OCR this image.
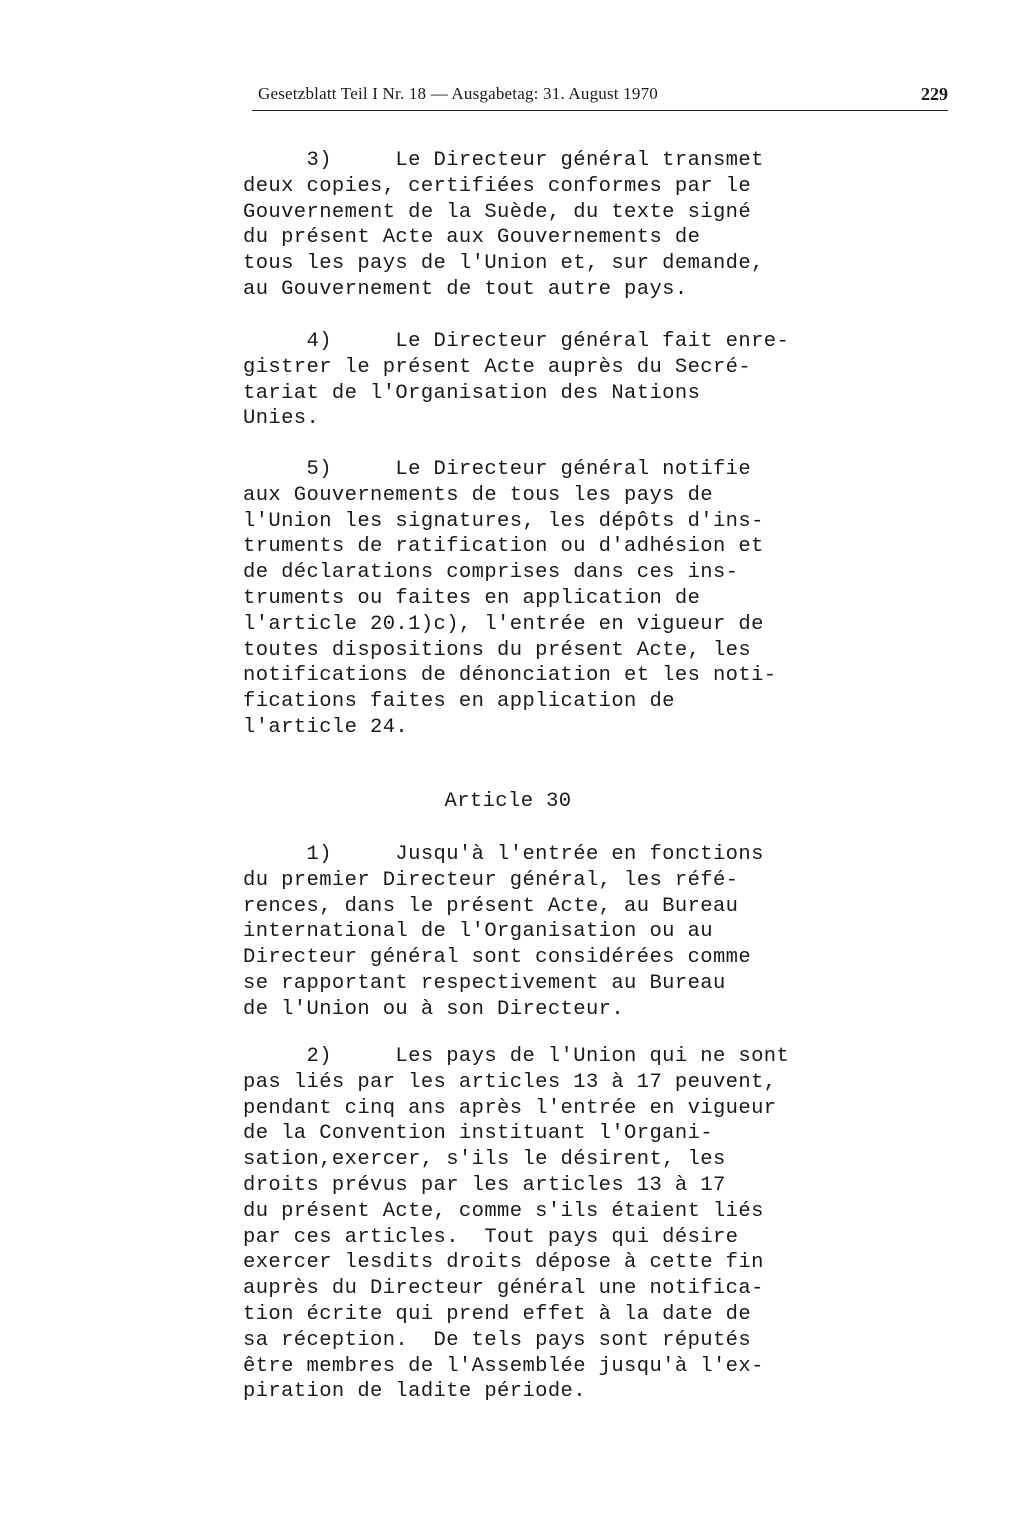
Gesetzblatt Teil I Nr. 18 — Ausgabetag: 31. August 1970	229
3)     Le Directeur général transmet
deux copies, certifiées conformes par le
Gouvernement de la Suède, du texte signé
du présent Acte aux Gouvernements de
tous les pays de l'Union et, sur demande,
au Gouvernement de tout autre pays.
4)     Le Directeur général fait enre-
gistrer le présent Acte auprès du Secré-
tariat de l'Organisation des Nations
Unies.
5)     Le Directeur général notifie
aux Gouvernements de tous les pays de
l'Union les signatures, les dépôts d'ins-
truments de ratification ou d'adhésion et
de déclarations comprises dans ces ins-
truments ou faites en application de
l'article 20.1)c), l'entrée en vigueur de
toutes dispositions du présent Acte, les
notifications de dénonciation et les noti-
fications faites en application de
l'article 24.
Article 30
1)     Jusqu'à l'entrée en fonctions
du premier Directeur général, les réfé-
rences, dans le présent Acte, au Bureau
international de l'Organisation ou au
Directeur général sont considérées comme
se rapportant respectivement au Bureau
de l'Union ou à son Directeur.
2)     Les pays de l'Union qui ne sont
pas liés par les articles 13 à 17 peuvent,
pendant cinq ans après l'entrée en vigueur
de la Convention instituant l'Organi-
sation,exercer, s'ils le désirent, les
droits prévus par les articles 13 à 17
du présent Acte, comme s'ils étaient liés
par ces articles.  Tout pays qui désire
exercer lesdits droits dépose à cette fin
auprès du Directeur général une notifica-
tion écrite qui prend effet à la date de
sa réception.  De tels pays sont réputés
être membres de l'Assemblée jusqu'à l'ex-
piration de ladite période.
